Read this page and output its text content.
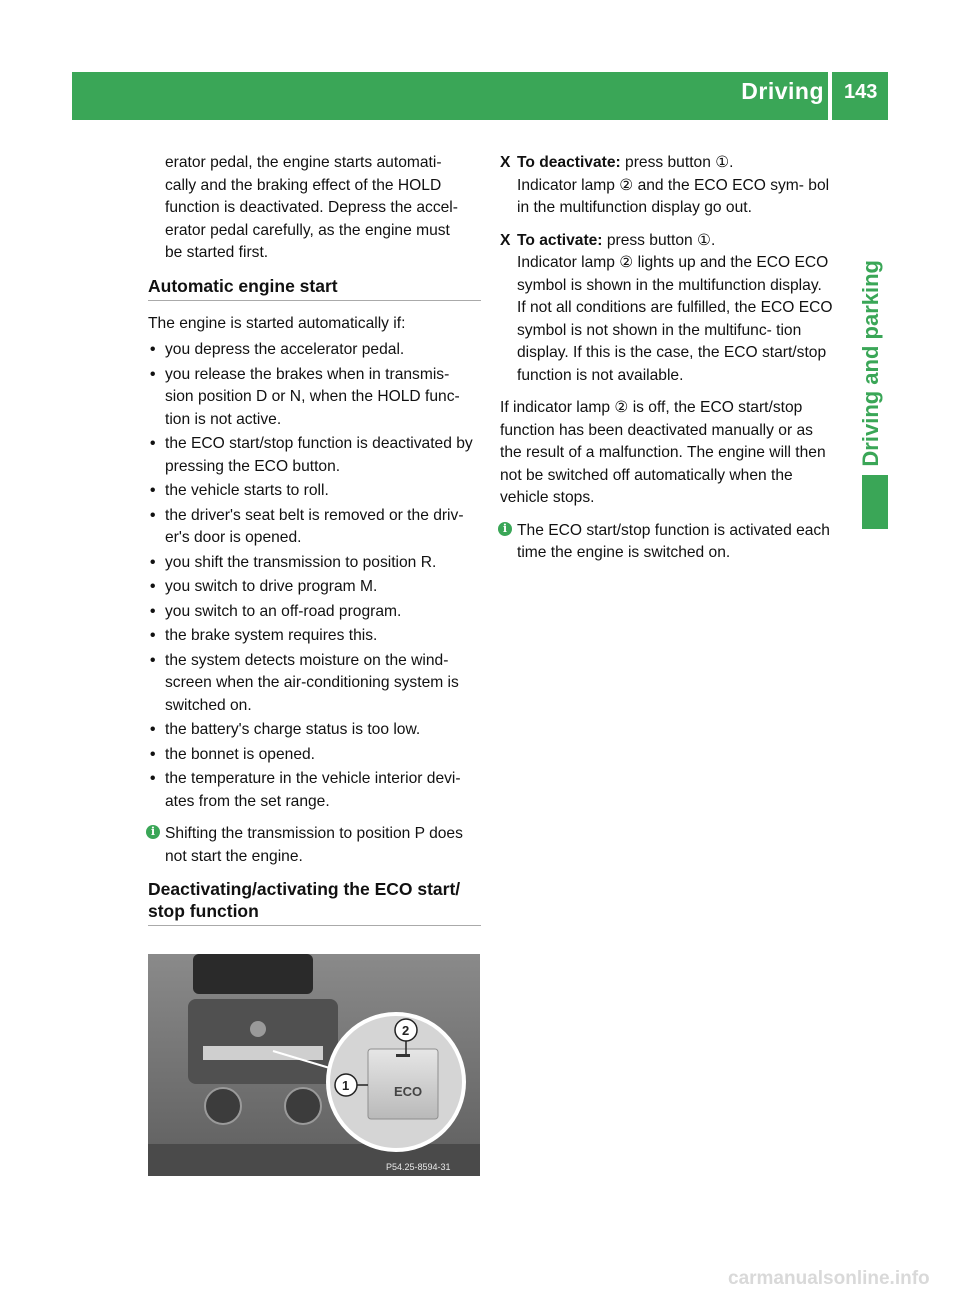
Driving 143
Driving and parking

erator pedal, the engine starts automati-

cally and the braking effect of the HOLD

function is deactivated. Depress the accel-

erator pedal carefully, as the engine must

be started first.

Automatic engine start

The engine is started automatically if:

• you depress the accelerator pedal.
• you release the brakes when in transmis- sion position D or N, when the HOLD func- tion is not active.
• the ECO start/stop function is deactivated by pressing the ECO button.
• the vehicle starts to roll.
• the driver's seat belt is removed or the driv- er's door is opened.
• you shift the transmission to position R.
• you switch to drive program M.
• you switch to an off-road program.
• the brake system requires this.
• the system detects moisture on the wind- screen when the air-conditioning system is switched on.
• the battery's charge status is too low.
• the bonnet is opened.
• the temperature in the vehicle interior devi- ates from the set range.
i Shifting the transmission to position P does not start the engine.
Deactivating/activating the ECO start/ stop function
ECO
2
1
P54.25-8594-31
X To deactivate: press button ①.

Indicator lamp ② and the ECO ECO sym- bol in the multifunction display go out.

X To activate: press button ①.

Indicator lamp ② lights up and the ECO ECO symbol is shown in the multifunction display.

If not all conditions are fulfilled, the ECO ECO symbol is not shown in the multifunc- tion display. If this is the case, the ECO start/stop function is not available.

If indicator lamp ② is off, the ECO start/stop function has been deactivated manually or as the result of a malfunction. The engine will then not be switched off automatically when the vehicle stops.

i The ECO start/stop function is activated each time the engine is switched on.
carmanualsonline.info
